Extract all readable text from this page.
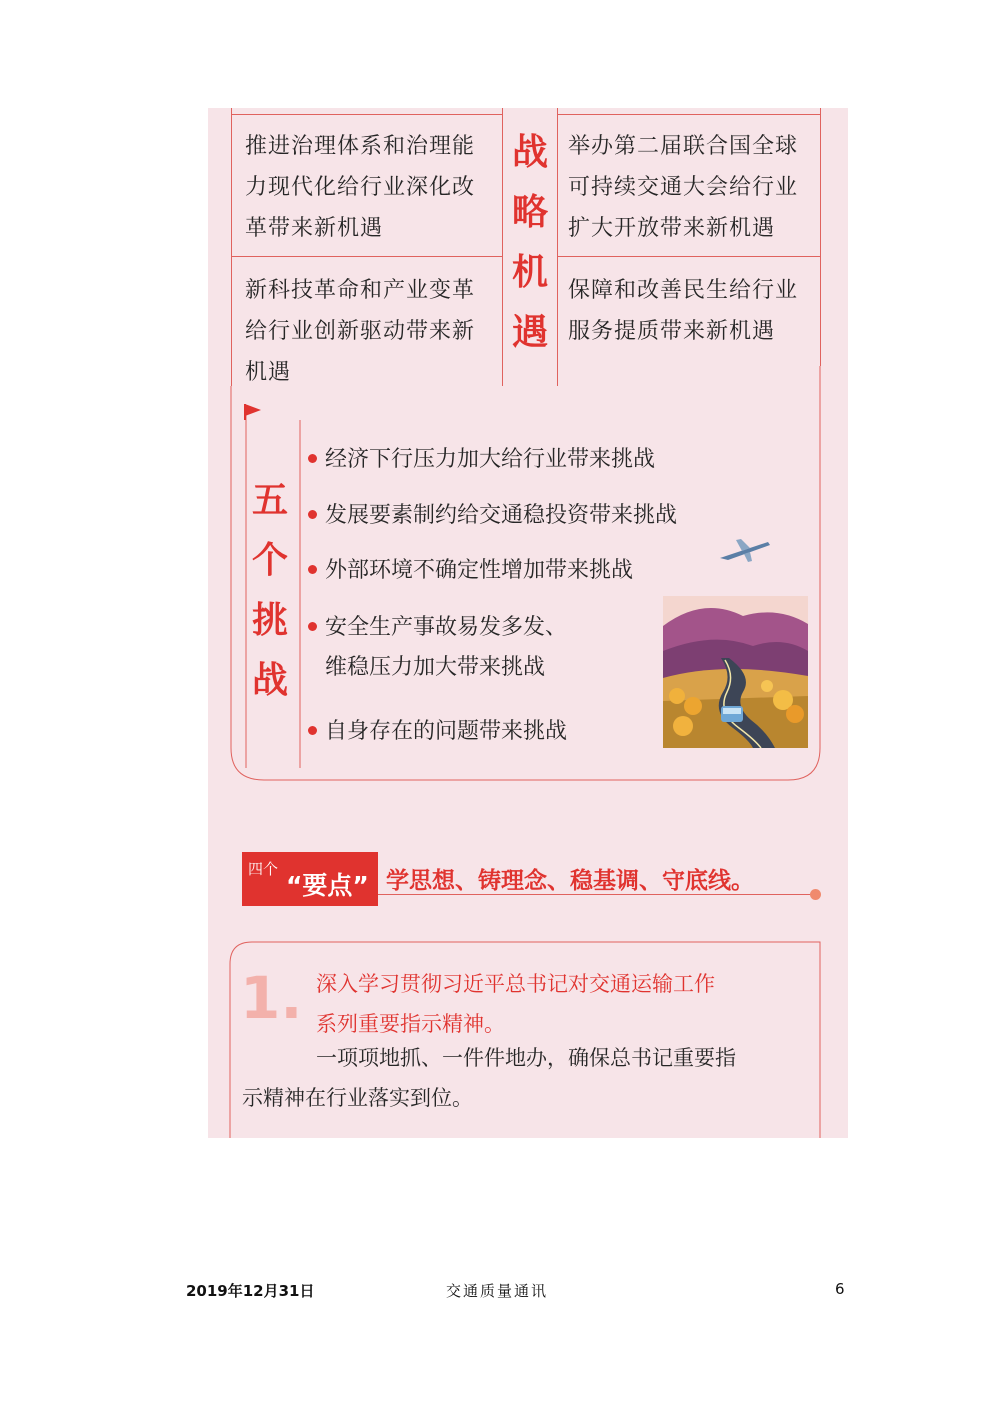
推进治理体系和治理能力现代化给行业深化改革带来新机遇
举办第二届联合国全球可持续交通大会给行业扩大开放带来新机遇
新科技革命和产业变革给行业创新驱动带来新机遇
保障和改善民生给行业服务提质带来新机遇
战略机遇
五个挑战
经济下行压力加大给行业带来挑战
发展要素制约给交通稳投资带来挑战
外部环境不确定性增加带来挑战
安全生产事故易发多发、
维稳压力加大带来挑战
自身存在的问题带来挑战
四个
“要点” 学思想、铸理念、稳基调、守底线。
1. 深入学习贯彻习近平总书记对交通运输工作
系列重要指示精神。
一项项地抓、一件件地办，确保总书记重要指
示精神在行业落实到位。
2019年12月31日	交通质量通讯	6
